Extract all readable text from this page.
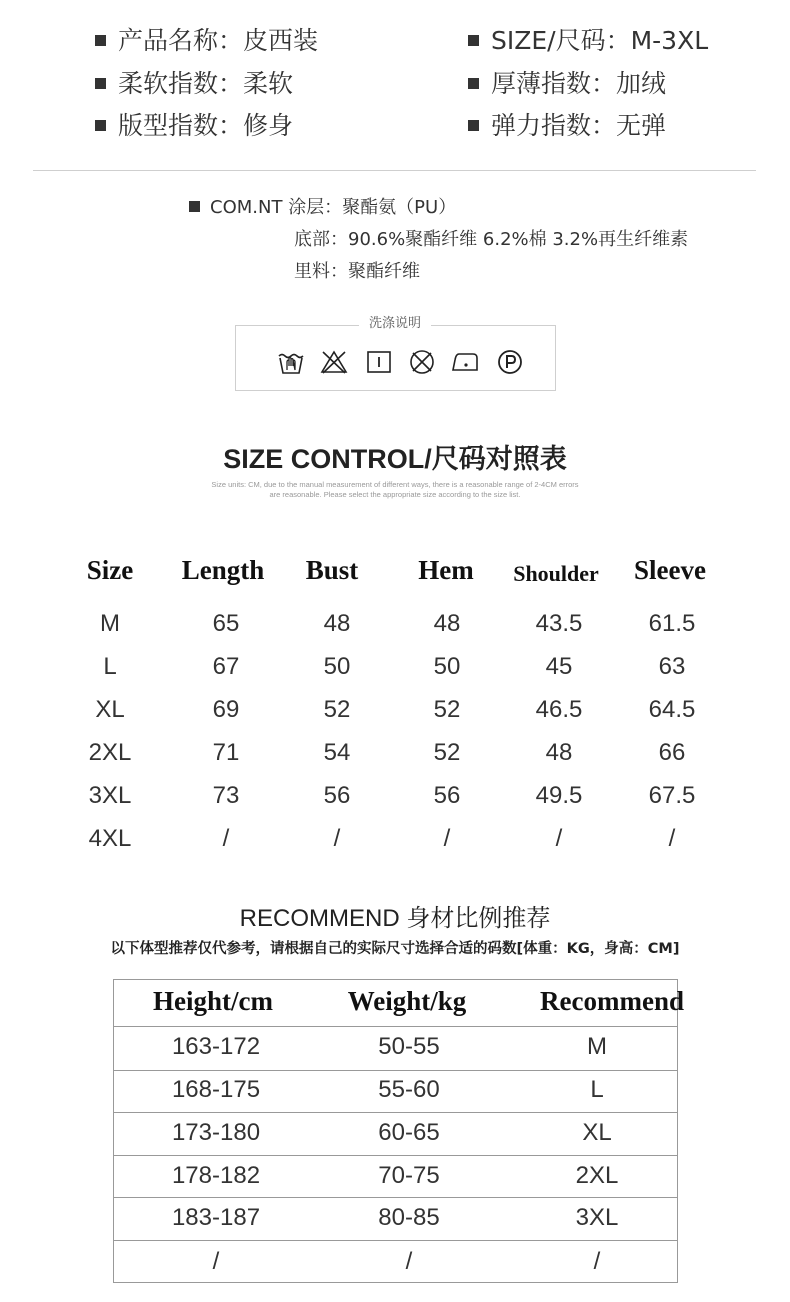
产品名称：皮西装	SIZE/尺码：M-3XL
柔软指数：柔软	厚薄指数：加绒
版型指数：修身	弹力指数：无弹
COM.NT 涂层：聚酯氨（PU）
底部：90.6%聚酯纤维 6.2%棉 3.2%再生纤维素
里料：聚酯纤维
洗涤说明
SIZE CONTROL/尺码对照表
Size units: CM, due to the manual measurement of different ways, there is a reasonable range of 2-4CM errors
are reasonable. Please select the appropriate size according to the size list.
Size Length Bust Hem Shoulder Sleeve
M	65	48	48	43.5	61.5
L	67	50	50	45	63
XL	69	52	52	46.5	64.5
2XL	71	54	52	48	66
3XL	73	56	56	49.5	67.5
4XL	/	/	/	/	/
RECOMMEND 身材比例推荐
以下体型推荐仅代参考，请根据自己的实际尺寸选择合适的码数[体重：KG，身高：CM]
Height/cm	Weight/kg	Recommend
163-172	50-55	M
168-175	55-60	L
173-180	60-65	XL
178-182	70-75	2XL
183-187	80-85	3XL
/	/	/
